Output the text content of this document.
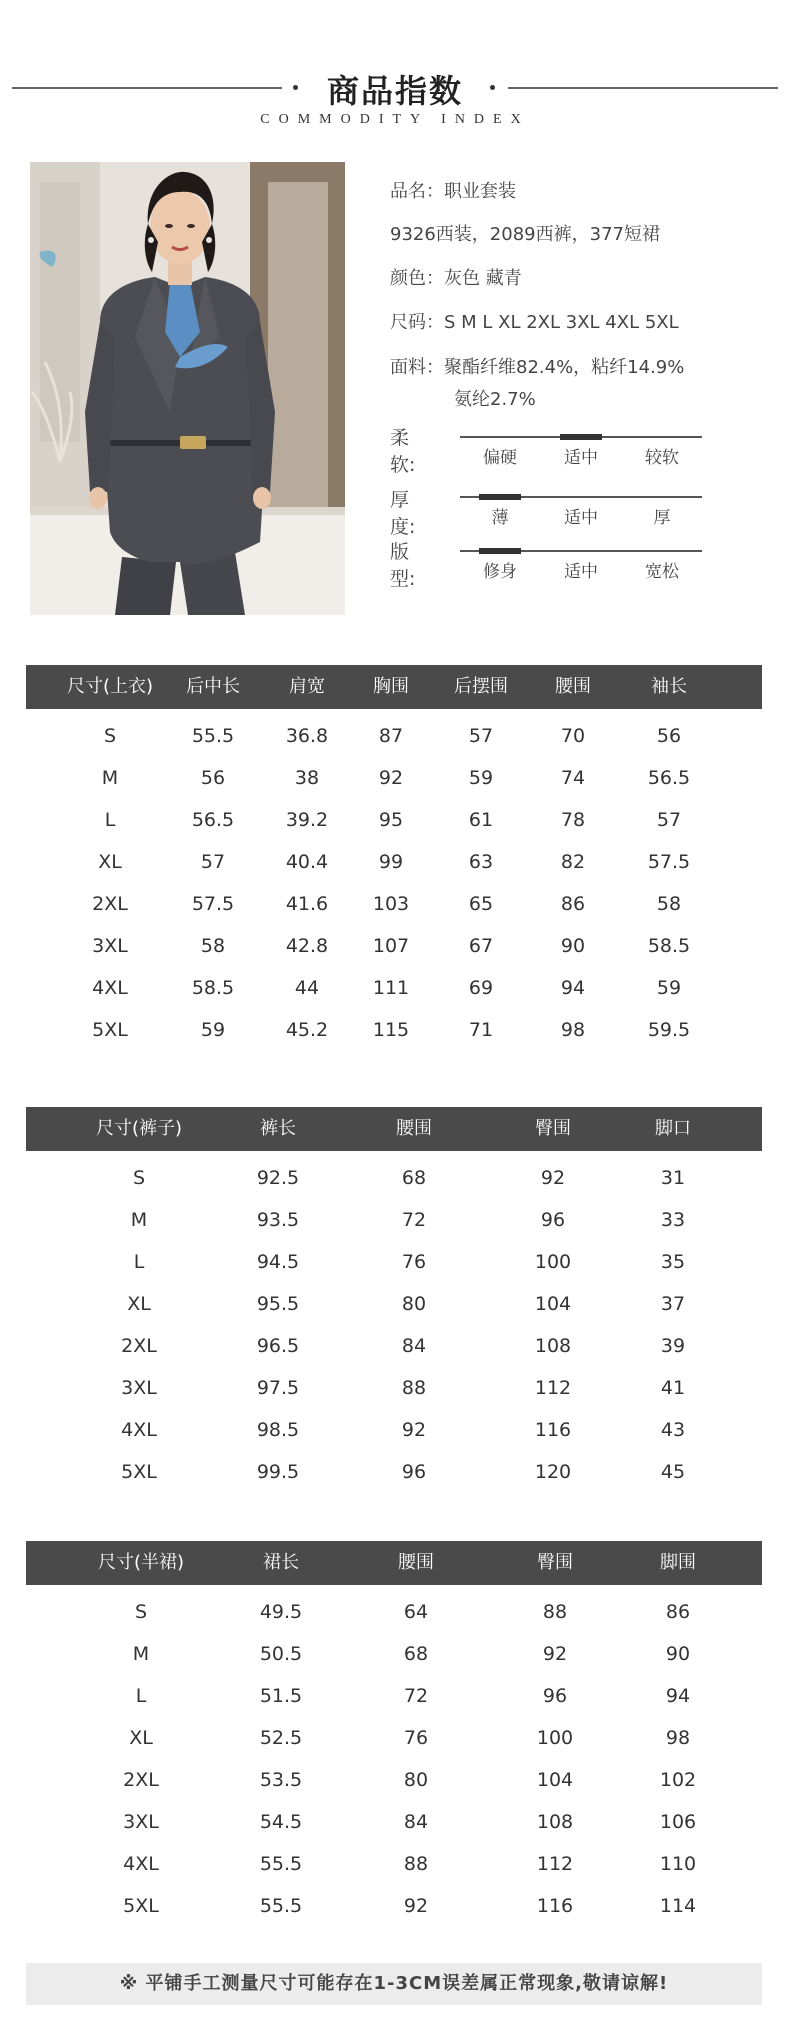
商品指数
COMMODITY INDEX
品名：职业套装
9326西装，2089西裤，377短裙
颜色：灰色 藏青
尺码：S M L XL 2XL 3XL 4XL 5XL
面料：聚酯纤维82.4%，粘纤14.9%
氨纶2.7%
柔软:	偏硬	适中	较软
厚度:	薄	适中	厚
版型:	修身	适中	宽松
尺寸(上衣)	后中长	肩宽	胸围	后摆围	腰围	袖长
S	55.5	36.8	87	57	70	56
M	56	38	92	59	74	56.5
L	56.5	39.2	95	61	78	57
XL	57	40.4	99	63	82	57.5
2XL	57.5	41.6	103	65	86	58
3XL	58	42.8	107	67	90	58.5
4XL	58.5	44	111	69	94	59
5XL	59	45.2	115	71	98	59.5
尺寸(裤子)	裤长	腰围	臀围	脚口
S	92.5	68	92	31
M	93.5	72	96	33
L	94.5	76	100	35
XL	95.5	80	104	37
2XL	96.5	84	108	39
3XL	97.5	88	112	41
4XL	98.5	92	116	43
5XL	99.5	96	120	45
尺寸(半裙)	裙长	腰围	臀围	脚围
S	49.5	64	88	86
M	50.5	68	92	90
L	51.5	72	96	94
XL	52.5	76	100	98
2XL	53.5	80	104	102
3XL	54.5	84	108	106
4XL	55.5	88	112	110
5XL	55.5	92	116	114
※ 平铺手工测量尺寸可能存在1-3CM误差属正常现象,敬请谅解!
